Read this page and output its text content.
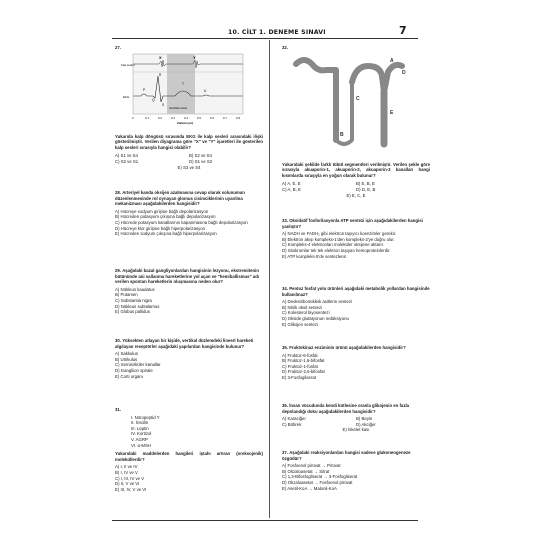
10. CİLT 1. DENEME SINAVI	7
27.
X	Y
P
Q
R
S
T
U
Ventrikül sistol
Kalp sesleri
EKG
0	0.1	0.2	0.3	0.4	0.5	0.6	0.7	0.8
Zaman (sn)
Yukarıda kalp döngüsü sırasında EKG ile kalp sesleri arasındaki ilişki gösterilmiştir. Verilen diyagrama göre "X" ve "Y" işaretleri ile gösterilen kalp sesleri sırasıyla hangisi olabilir?
A) S1 ve S4	B) S2 ve S4
C) S2 ve S1	D) S1 ve S2
E) S3 ve S4
28. Arteriyel kanda oksijen azalmasına cevap olarak solunumun düzenlenmesinde rol oynayan glomus cisimciklerinin uyarılma mekanizması aşağıdakilerden hangisidir?
A) Hücreye sodyum girişine bağlı depolarizasyon
B) Hücreden potasyum çıkışına bağlı depolarizasyon
C) Hücrede potasyum kanallarının kapanmasına bağlı depolarizasyon
D) Hücreye klor girişine bağlı hiperpolarizasyon
E) Hücreden sodyum çıkışına bağlı hiperpolarizasyon
29. Aşağıdaki bazal gangliyonlardan hangisinin lezyonu, ekstremitenin bütününde ani sallanma hareketlerine yol açan ve "hemiballismus" adı verilen spontan hareketlerin oluşmasına neden olur?
A) Nükleus kaudatus
B) Putamen
C) Substantia nigra
D) Nükleus subtalamus
E) Globus pallidus
30. Yüksekten atlayan bir kişide, vertikal düzlemdeki lineerl hareketi algılayan reseptörler aşağıdaki yapılardan hangisinde bulunur?
A) Sakkulus
B) Utrikulus
C) Semisirküler kanallar
D) Gangliion spirale
E) Corti organı
31.
I. Nöropeptid Y
II. İnsülin
III. Leptin
IV. Kortizol
V. AGRP
VI. α-MSH
Yukarıdaki maddelerden hangileri iştahı artıran (oreksojenik) moleküllerdir?
A) I, II ve IV
B) I, IV ve V
C) I, III, IV ve V
D) II, V ve VI
E) III, IV, V ve VI
32.
A
D
C
E
B
Yukarıdaki şekilde farklı tübül segmentleri verilmiştir. Verilen şekle göre sırasıyla akuaporin-1, akuaporin-2, akuaporin-3 kanalları hangi kısımlarda sıraşıyla en yoğun olarak bulunur?
A) A, E, E	B) E, B, E
C) A, B, E	D) D, E, B
E) E, C, E
33. Oksidatif fosforilasyonla ATP sentezi için aşağıdakilerden hangisi yanlıştır?
A) NADH ve FADH₂ gibi elektron taşıyıcı koenzimler gerekir.
B) Elektron akışı kompleks-1'den kompleks-2'ye doğru olur.
C) Kompleks-4 elektronları moleküler oksijene aktarır.
D) Sitokromlar tek tek elektron taşıyan hemoproteinlerdir.
E) ATP kompleks-5'de sentezlenir.
34. Pentoz fosfat yolu ürünleri aşağıdaki metabolik yollardan hangisinde kullanılmaz?
A) Deoksiribonükleik asitlerin sentezi
B) Nitrik oksit sentezi
C) Kolesterol biyosentezi
D) Okside glutatyonun redüksiyonu
E) Glikojen sentezi
35. Fruktokinaz enziminin ürünü aşağıdakilerden hangisidir?
A) Fruktoz-6-fosfat
B) Fruktoz-1,6-bifosfat
C) Fruktoz-1-fosfat
D) Fruktoz-2,6-bifosfat
E) 3-Fosfogliserat
36. İnsan vücudunda kendi kütlesine oranla glikojenin en fazla depolandığı doku aşağıdakilerden hangisidir?
A) Karaciğer	B) Beyin
C) Böbrek	D) Akciğer
E) İskelet kası
37. Aşağıdaki reaksiyonlardan hangisi sadece glukoneogeneze özgüdür?
A) Fosfoenol pirüvat → Pirüvat
B) Okzaloasetat → Sitrat
C) 1,3-Bifosfogliserat → 3-Fosfogliserat
D) Okzaloasetat → Fosfoenol pirüvat
E) Asetil-KoA → Malonil-KoA
